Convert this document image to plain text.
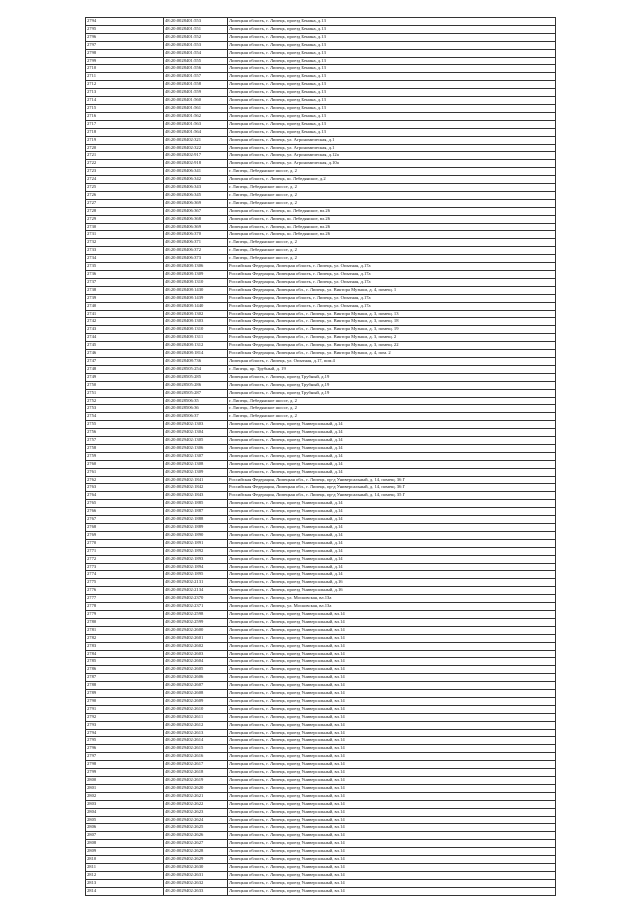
2794	48:20:0028401:553	Липецкая область, г. Липецк, проезд Бенина, д.13
2795	48:20:0028401:551	Липецкая область, г. Липецк, проезд Бенина, д.13
2796	48:20:0028401:552	Липецкая область, г. Липецк, проезд Бенина, д.13
2797	48:20:0028401:553	Липецкая область, г. Липецк, проезд Бенина, д.13
2798	48:20:0028401:554	Липецкая область, г. Липецк, проезд Бенина, д.13
2799	48:20:0028401:555	Липецкая область, г. Липецк, проезд Бенина, д.13
2710	48:20:0028401:556	Липецкая область, г. Липецк, проезд Бенина, д.13
2711	48:20:0028401:557	Липецкая область, г. Липецк, проезд Бенина, д.13
2712	48:20:0028401:558	Липецкая область, г. Липецк, проезд Бенина, д.13
2713	48:20:0028401:559	Липецкая область, г. Липецк, проезд Бенина, д.13
2714	48:20:0028401:560	Липецкая область, г. Липецк, проезд Бенина, д.13
2715	48:20:0028401:561	Липецкая область, г. Липецк, проезд Бенина, д.13
2716	48:20:0028401:562	Липецкая область, г. Липецк, проезд Бенина, д.13
2717	48:20:0028401:563	Липецкая область, г. Липецк, проезд Бенина, д.13
2718	48:20:0028401:564	Липецкая область, г. Липецк, проезд Бенина, д.13
2719	48:20:0028402:321	Липецкая область, г. Липецк, ул. Агрономическая, д.1
2720	48:20:0028402:322	Липецкая область, г. Липецк, ул. Агрономическая, д.1
2721	48:20:0028402:917	Липецкая область, г. Липецк, ул. Агрономическая, д.12а
2722	48:20:0028402:918	Липецкая область, г. Липецк, ул. Агрономическая, д.10а
2723	48:20:0028406:341	г. Липецк, Лебедянское шоссе, д. 2
2724	48:20:0028406:342	Липецкая область, г. Липецк, ш. Лебедянское, д.2
2725	48:20:0028406:343	г. Липецк, Лебедянское шоссе, д. 2
2726	48:20:0028406:345	г. Липецк, Лебедянское шоссе, д. 2
2727	48:20:0028406:369	г. Липецк, Лебедянское шоссе, д. 2
2728	48:20:0028406:367	Липецкая область, г. Липецк, ш. Лебедянское, вл.26
2729	48:20:0028406:368	Липецкая область, г. Липецк, ш. Лебедянское, вл.26
2730	48:20:0028406:369	Липецкая область, г. Липецк, ш. Лебедянское, вл.26
2731	48:20:0028406:370	Липецкая область, г. Липецк, ш. Лебедянское, вл.26
2732	48:20:0028406:371	г. Липецк, Лебедянское шоссе, д. 2
2733	48:20:0028406:372	г. Липецк, Лебедянское шоссе, д. 2
2734	48:20:0028406:373	г. Липецк, Лебедянское шоссе, д. 2
2735	48:20:0028408:1306	Российская Федерация, Липецкая область, г. Липецк, ул. Опытная, д.17а
2736	48:20:0028408:1309	Российская Федерация, Липецкая область, г. Липецк, ул. Опытная, д.17а
2737	48:20:0028408:1310	Российская Федерация, Липецкая область, г. Липецк, ул. Опытная, д.17а
2738	48:20:0028408:1430	Российская Федерация, Липецкая обл., г. Липецк, ул. Виктора Музыки, д. 4, помещ. 1
2739	48:20:0028408:1439	Российская Федерация, Липецкая область, г. Липецк, ул. Опытная, д.17а
2740	48:20:0028408:1440	Российская Федерация, Липецкая область, г. Липецк, ул. Опытная, д.17а
2741	48:20:0028408:1302	Российская Федерация, Липецкая обл., г. Липецк, ул. Виктора Музыки, д. 3, помещ. 13
2742	48:20:0028408:1303	Российская Федерация, Липецкая обл., г. Липецк, ул. Виктора Музыки, д. 3, помещ. 18
2743	48:20:0028408:1310	Российская Федерация, Липецкая обл., г. Липецк, ул. Виктора Музыки, д. 3, помещ. 19
2744	48:20:0028408:1311	Российская Федерация, Липецкая обл., г. Липецк, ул. Виктора Музыки, д. 3, помещ. 2
2745	48:20:0028408:1312	Российская Федерация, Липецкая обл., г. Липецк, ул. Виктора Музыки, д. 3, помещ. 22
2746	48:20:0028408:1814	Российская Федерация, Липецкая обл., г. Липецк, ул. Виктора Музыки, д. 4, пом. 2
2747	48:20:0028408:736	Липецкая область, г. Липецк, ул. Опытная, д.17, пом.4
2748	48:20:0028505:254	г. Липецк, пр. Трубный, д. 19
2749	48:20:0028505:285	Липецкая область, г. Липецк, проезд Трубный, д.19
2750	48:20:0028505:286	Липецкая область, г. Липецк, проезд Трубный, д.19
2751	48:20:0028505:287	Липецкая область, г. Липецк, проезд Трубный, д.19
2752	48:20:0028506:35	г. Липецк, Лебедянское шоссе, д. 2
2753	48:20:0028506:36	г. Липецк, Лебедянское шоссе, д. 2
2754	48:20:0028506:37	г. Липецк, Лебедянское шоссе, д. 2
2755	48:20:0029402:1303	Липецкая область, г. Липецк, проезд Универсальный, д.14
2756	48:20:0029402:1304	Липецкая область, г. Липецк, проезд Универсальный, д.14
2757	48:20:0029402:1305	Липецкая область, г. Липецк, проезд Универсальный, д.14
2758	48:20:0029402:1306	Липецкая область, г. Липецк, проезд Универсальный, д.14
2759	48:20:0029402:1307	Липецкая область, г. Липецк, проезд Универсальный, д.14
2760	48:20:0029402:1308	Липецкая область, г. Липецк, проезд Универсальный, д.14
2761	48:20:0029402:1309	Липецкая область, г. Липецк, проезд Универсальный, д.14
2762	48:20:0029402:1841	Российская Федерация, Липецкая обл., г. Липецк, пр-д Универсальный, д. 14, помещ. 36 Г
2763	48:20:0029402:1842	Российская Федерация, Липецкая обл., г. Липецк, пр-д Универсальный, д. 14, помещ. 36 Г
2764	48:20:0029402:1843	Российская Федерация, Липецкая обл., г. Липецк, пр-д Универсальный, д. 14, помещ. 35 Г
2765	48:20:0029402:1885	Липецкая область, г. Липецк, проезд Универсальный, д.14
2766	48:20:0029402:1887	Липецкая область, г. Липецк, проезд Универсальный, д.14
2767	48:20:0029402:1888	Липецкая область, г. Липецк, проезд Универсальный, д.14
2768	48:20:0029402:1889	Липецкая область, г. Липецк, проезд Универсальный, д.14
2769	48:20:0029402:1890	Липецкая область, г. Липецк, проезд Универсальный, д.14
2770	48:20:0029402:1891	Липецкая область, г. Липецк, проезд Универсальный, д.14
2771	48:20:0029402:1892	Липецкая область, г. Липецк, проезд Универсальный, д.14
2772	48:20:0029402:1893	Липецкая область, г. Липецк, проезд Универсальный, д.14
2773	48:20:0029402:1894	Липецкая область, г. Липецк, проезд Универсальный, д.14
2774	48:20:0029402:1895	Липецкая область, г. Липецк, проезд Универсальный, д.14
2775	48:20:0029402:2131	Липецкая область, г. Липецк, проезд Универсальный, д.16
2776	48:20:0029402:2134	Липецкая область, г. Липецк, проезд Универсальный, д.16
2777	48:20:0029402:2370	Липецкая область, г. Липецк, ул. Московская, вл.13а
2778	48:20:0029402:2371	Липецкая область, г. Липецк, ул. Московская, вл.13а
2779	48:20:0029402:2598	Липецкая область, г. Липецк, проезд Универсальный, вл.14
2780	48:20:0029402:2599	Липецкая область, г. Липецк, проезд Универсальный, вл.14
2781	48:20:0029402:2600	Липецкая область, г. Липецк, проезд Универсальный, вл.14
2782	48:20:0029402:2601	Липецкая область, г. Липецк, проезд Универсальный, вл.14
2783	48:20:0029402:2602	Липецкая область, г. Липецк, проезд Универсальный, вл.14
2784	48:20:0029402:2603	Липецкая область, г. Липецк, проезд Универсальный, вл.14
2785	48:20:0029402:2604	Липецкая область, г. Липецк, проезд Универсальный, вл.14
2786	48:20:0029402:2605	Липецкая область, г. Липецк, проезд Универсальный, вл.14
2787	48:20:0029402:2606	Липецкая область, г. Липецк, проезд Универсальный, вл.14
2788	48:20:0029402:2607	Липецкая область, г. Липецк, проезд Универсальный, вл.14
2789	48:20:0029402:2608	Липецкая область, г. Липецк, проезд Универсальный, вл.14
2790	48:20:0029402:2609	Липецкая область, г. Липецк, проезд Универсальный, вл.14
2791	48:20:0029402:2610	Липецкая область, г. Липецк, проезд Универсальный, вл.14
2792	48:20:0029402:2611	Липецкая область, г. Липецк, проезд Универсальный, вл.14
2793	48:20:0029402:2612	Липецкая область, г. Липецк, проезд Универсальный, вл.14
2794	48:20:0029402:2613	Липецкая область, г. Липецк, проезд Универсальный, вл.14
2795	48:20:0029402:2614	Липецкая область, г. Липецк, проезд Универсальный, вл.14
2796	48:20:0029402:2615	Липецкая область, г. Липецк, проезд Универсальный, вл.14
2797	48:20:0029402:2616	Липецкая область, г. Липецк, проезд Универсальный, вл.14
2798	48:20:0029402:2617	Липецкая область, г. Липецк, проезд Универсальный, вл.14
2799	48:20:0029402:2618	Липецкая область, г. Липецк, проезд Универсальный, вл.14
2800	48:20:0029402:2619	Липецкая область, г. Липецк, проезд Универсальный, вл.14
2801	48:20:0029402:2620	Липецкая область, г. Липецк, проезд Универсальный, вл.14
2802	48:20:0029402:2621	Липецкая область, г. Липецк, проезд Универсальный, вл.14
2803	48:20:0029402:2622	Липецкая область, г. Липецк, проезд Универсальный, вл.14
2804	48:20:0029402:2623	Липецкая область, г. Липецк, проезд Универсальный, вл.14
2805	48:20:0029402:2624	Липецкая область, г. Липецк, проезд Универсальный, вл.14
2806	48:20:0029402:2625	Липецкая область, г. Липецк, проезд Универсальный, вл.14
2807	48:20:0029402:2626	Липецкая область, г. Липецк, проезд Универсальный, вл.14
2808	48:20:0029402:2627	Липецкая область, г. Липецк, проезд Универсальный, вл.14
2809	48:20:0029402:2628	Липецкая область, г. Липецк, проезд Универсальный, вл.14
2810	48:20:0029402:2629	Липецкая область, г. Липецк, проезд Универсальный, вл.14
2811	48:20:0029402:2630	Липецкая область, г. Липецк, проезд Универсальный, вл.14
2812	48:20:0029402:2631	Липецкая область, г. Липецк, проезд Универсальный, вл.14
2813	48:20:0029402:2632	Липецкая область, г. Липецк, проезд Универсальный, вл.14
2814	48:20:0029402:2633	Липецкая область, г. Липецк, проезд Универсальный, вл.14
